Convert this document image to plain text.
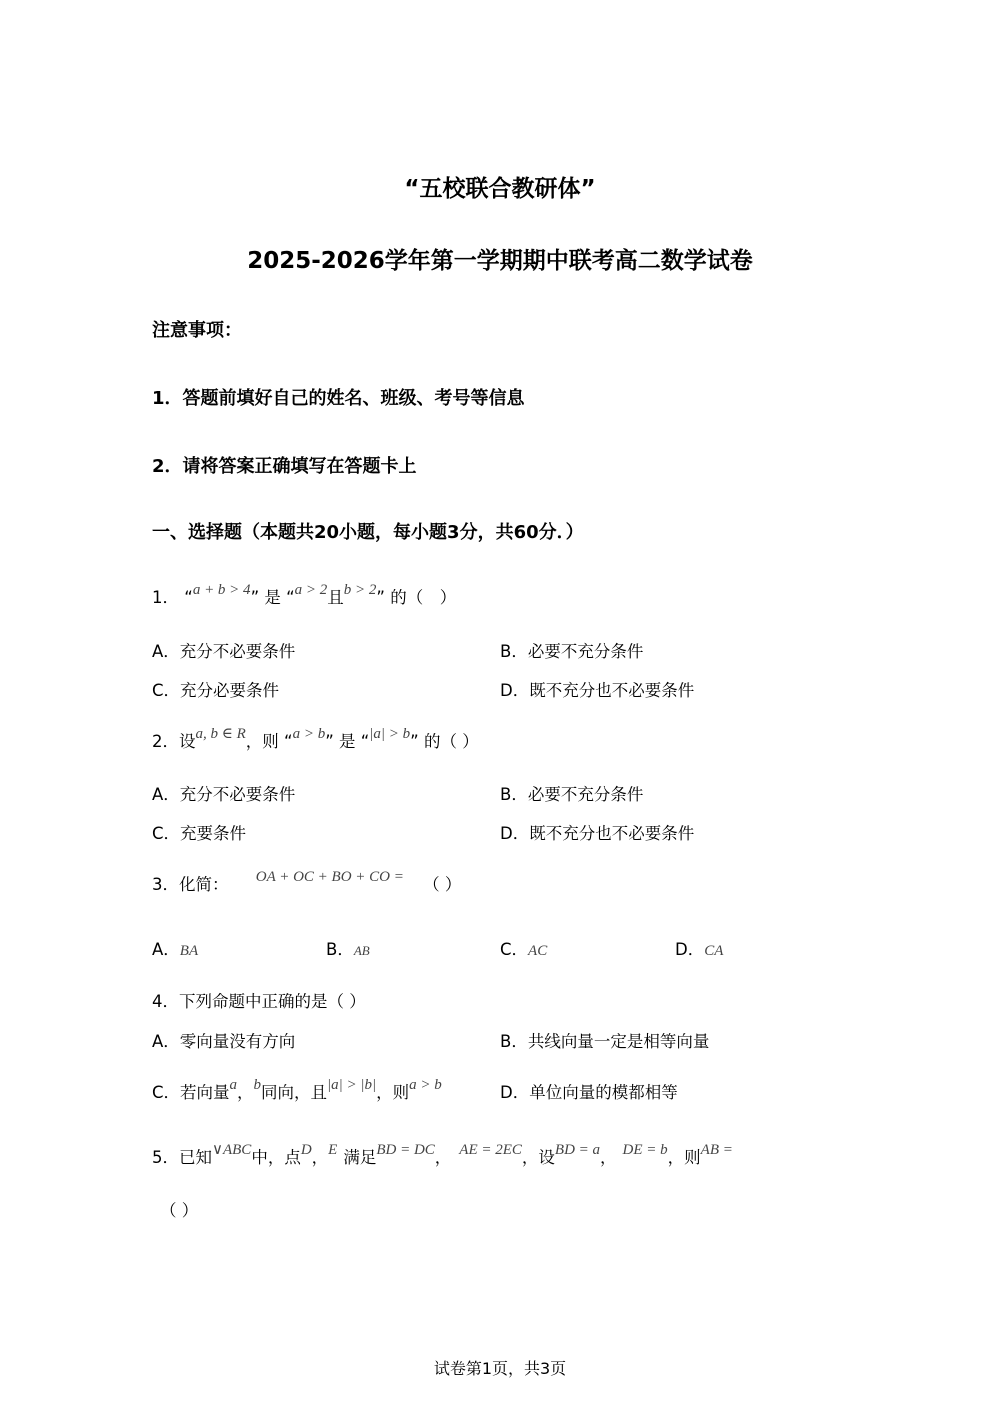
“五校联合教研体”
2025-2026学年第一学期期中联考高二数学试卷
注意事项：
1．答题前填好自己的姓名、班级、考号等信息
2．请将答案正确填写在答题卡上
一、选择题（本题共20小题，每小题3分，共60分．）
1． “a + b > 4” 是 “a > 2且b > 2” 的（　）
A．充分不必要条件	B．必要不充分条件
C．充分必要条件	D．既不充分也不必要条件
2．设a, b ∈ R，则 “a > b” 是 “|a| > b” 的（ ）
A．充分不必要条件	B．必要不充分条件
C．充要条件	D．既不充分也不必要条件
3．化简： OA + OC + BO + CO = （ ）
A．BA	B．AB	C．AC	D．CA
4．下列命题中正确的是（ ）
A．零向量没有方向	B．共线向量一定是相等向量
C．若向量a，b同向，且|a| > |b|，则a > b	D．单位向量的模都相等
5．已知∨ABC中，点D，E 满足BD = DC， AE = 2EC，设BD = a， DE = b，则AB =
（ ）
试卷第1页，共3页
